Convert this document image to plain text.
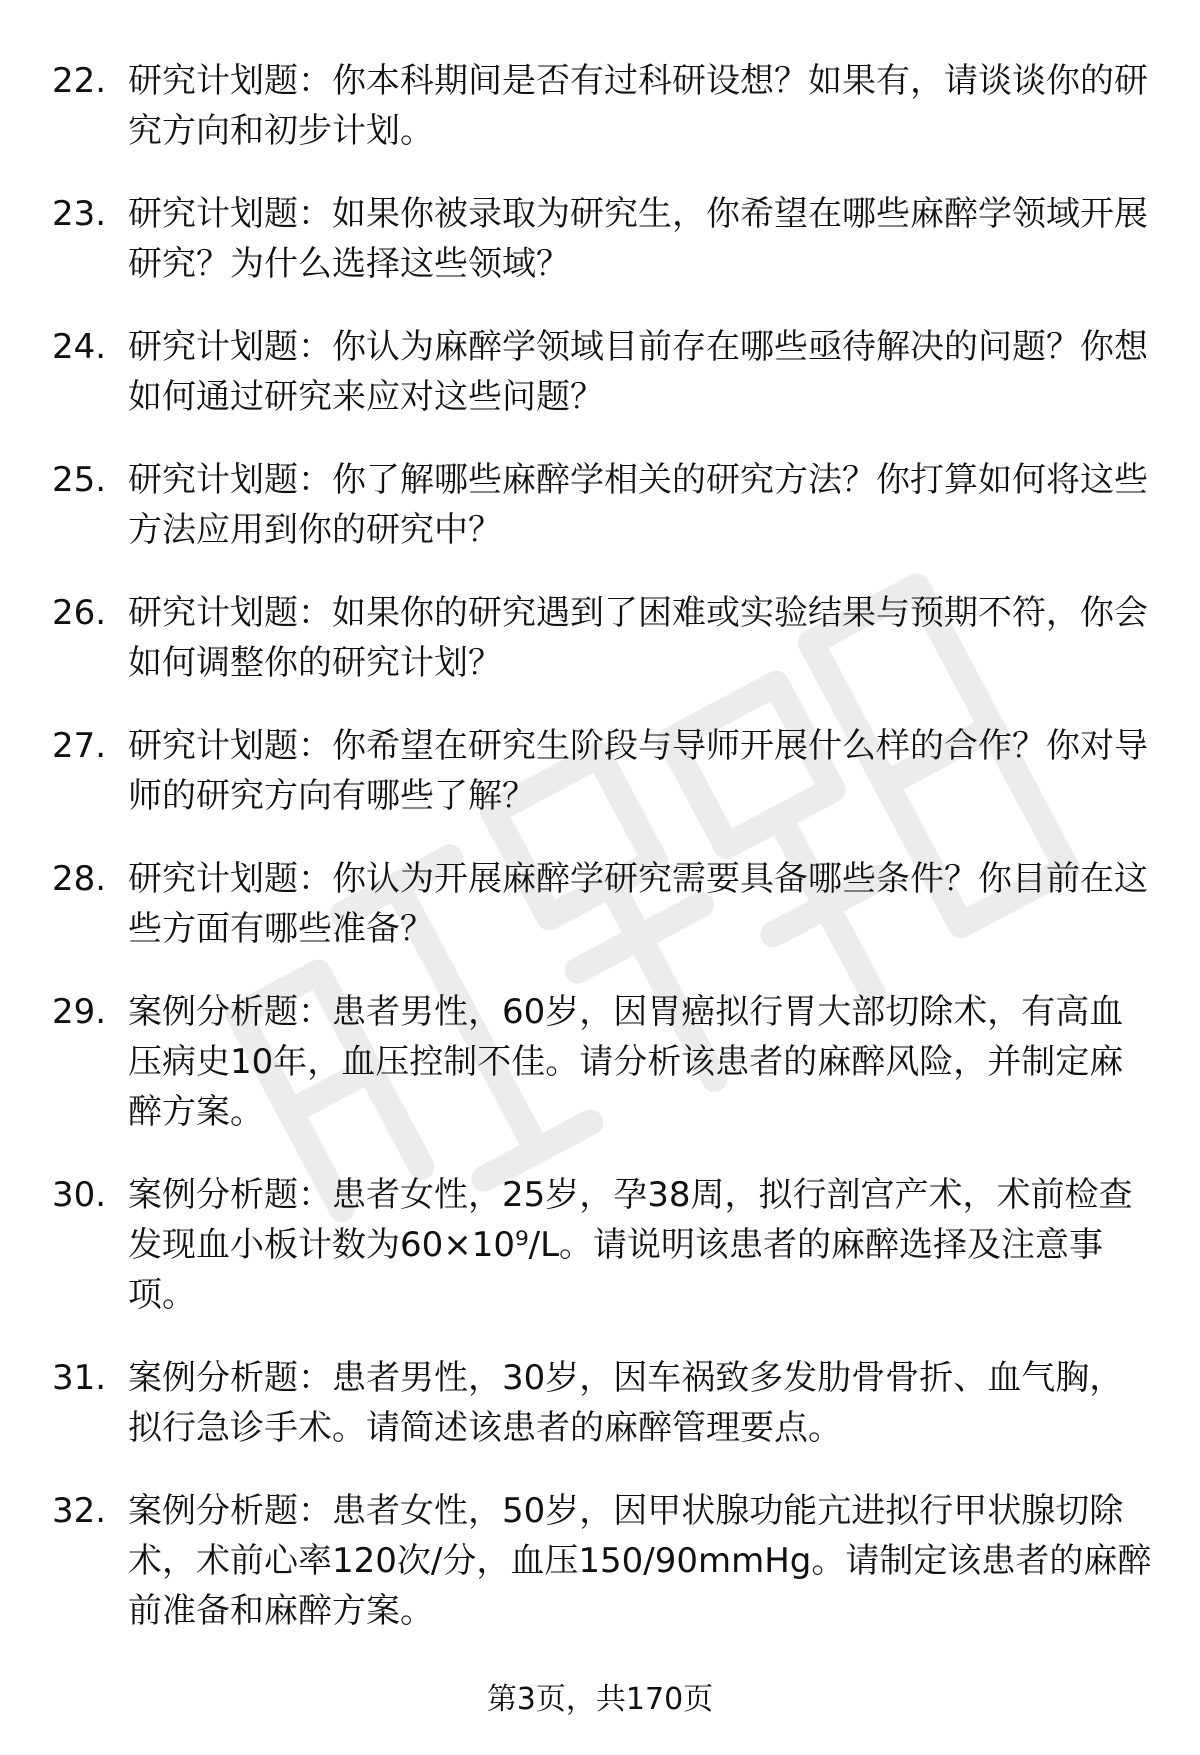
22. 研究计划题：你本科期间是否有过科研设想？如果有，请谈谈你的研究方向和初步计划。
23. 研究计划题：如果你被录取为研究生，你希望在哪些麻醉学领域开展研究？为什么选择这些领域？
24. 研究计划题：你认为麻醉学领域目前存在哪些亟待解决的问题？你想如何通过研究来应对这些问题？
25. 研究计划题：你了解哪些麻醉学相关的研究方法？你打算如何将这些方法应用到你的研究中？
26. 研究计划题：如果你的研究遇到了困难或实验结果与预期不符，你会如何调整你的研究计划？
27. 研究计划题：你希望在研究生阶段与导师开展什么样的合作？你对导师的研究方向有哪些了解？
28. 研究计划题：你认为开展麻醉学研究需要具备哪些条件？你目前在这些方面有哪些准备？
29. 案例分析题：患者男性，60岁，因胃癌拟行胃大部切除术，有高血压病史10年，血压控制不佳。请分析该患者的麻醉风险，并制定麻醉方案。
30. 案例分析题：患者女性，25岁，孕38周，拟行剖宫产术，术前检查发现血小板计数为60×10⁹/L。请说明该患者的麻醉选择及注意事项。
31. 案例分析题：患者男性，30岁，因车祸致多发肋骨骨折、血气胸，拟行急诊手术。请简述该患者的麻醉管理要点。
32. 案例分析题：患者女性，50岁，因甲状腺功能亢进拟行甲状腺切除术，术前心率120次/分，血压150/90mmHg。请制定该患者的麻醉前准备和麻醉方案。
第3页，共170页
